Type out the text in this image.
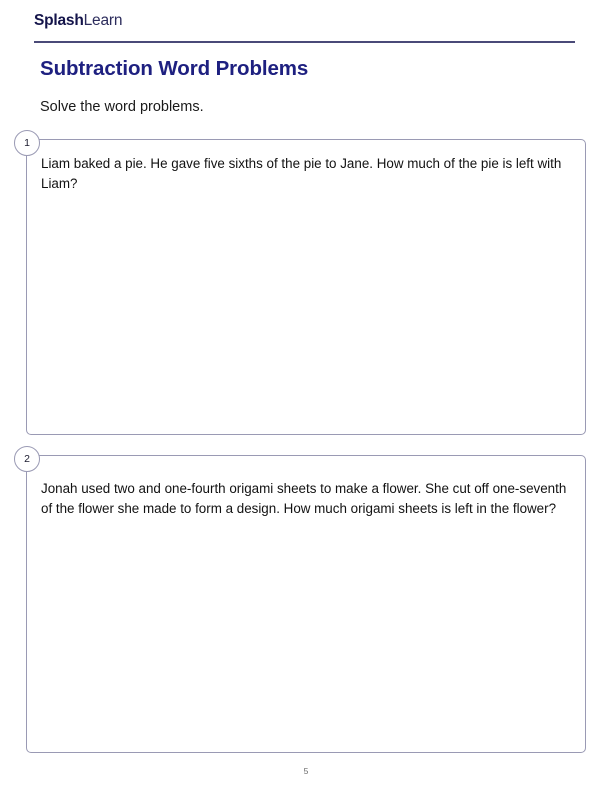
SplashLearn
Subtraction Word Problems
Solve the word problems.
1
Liam baked a pie. He gave five sixths of the pie to Jane. How much of the pie is left with Liam?
2
Jonah used two and one-fourth origami sheets to make a flower. She cut off one-seventh of the flower she made to form a design. How much origami sheets is left in the flower?
5
